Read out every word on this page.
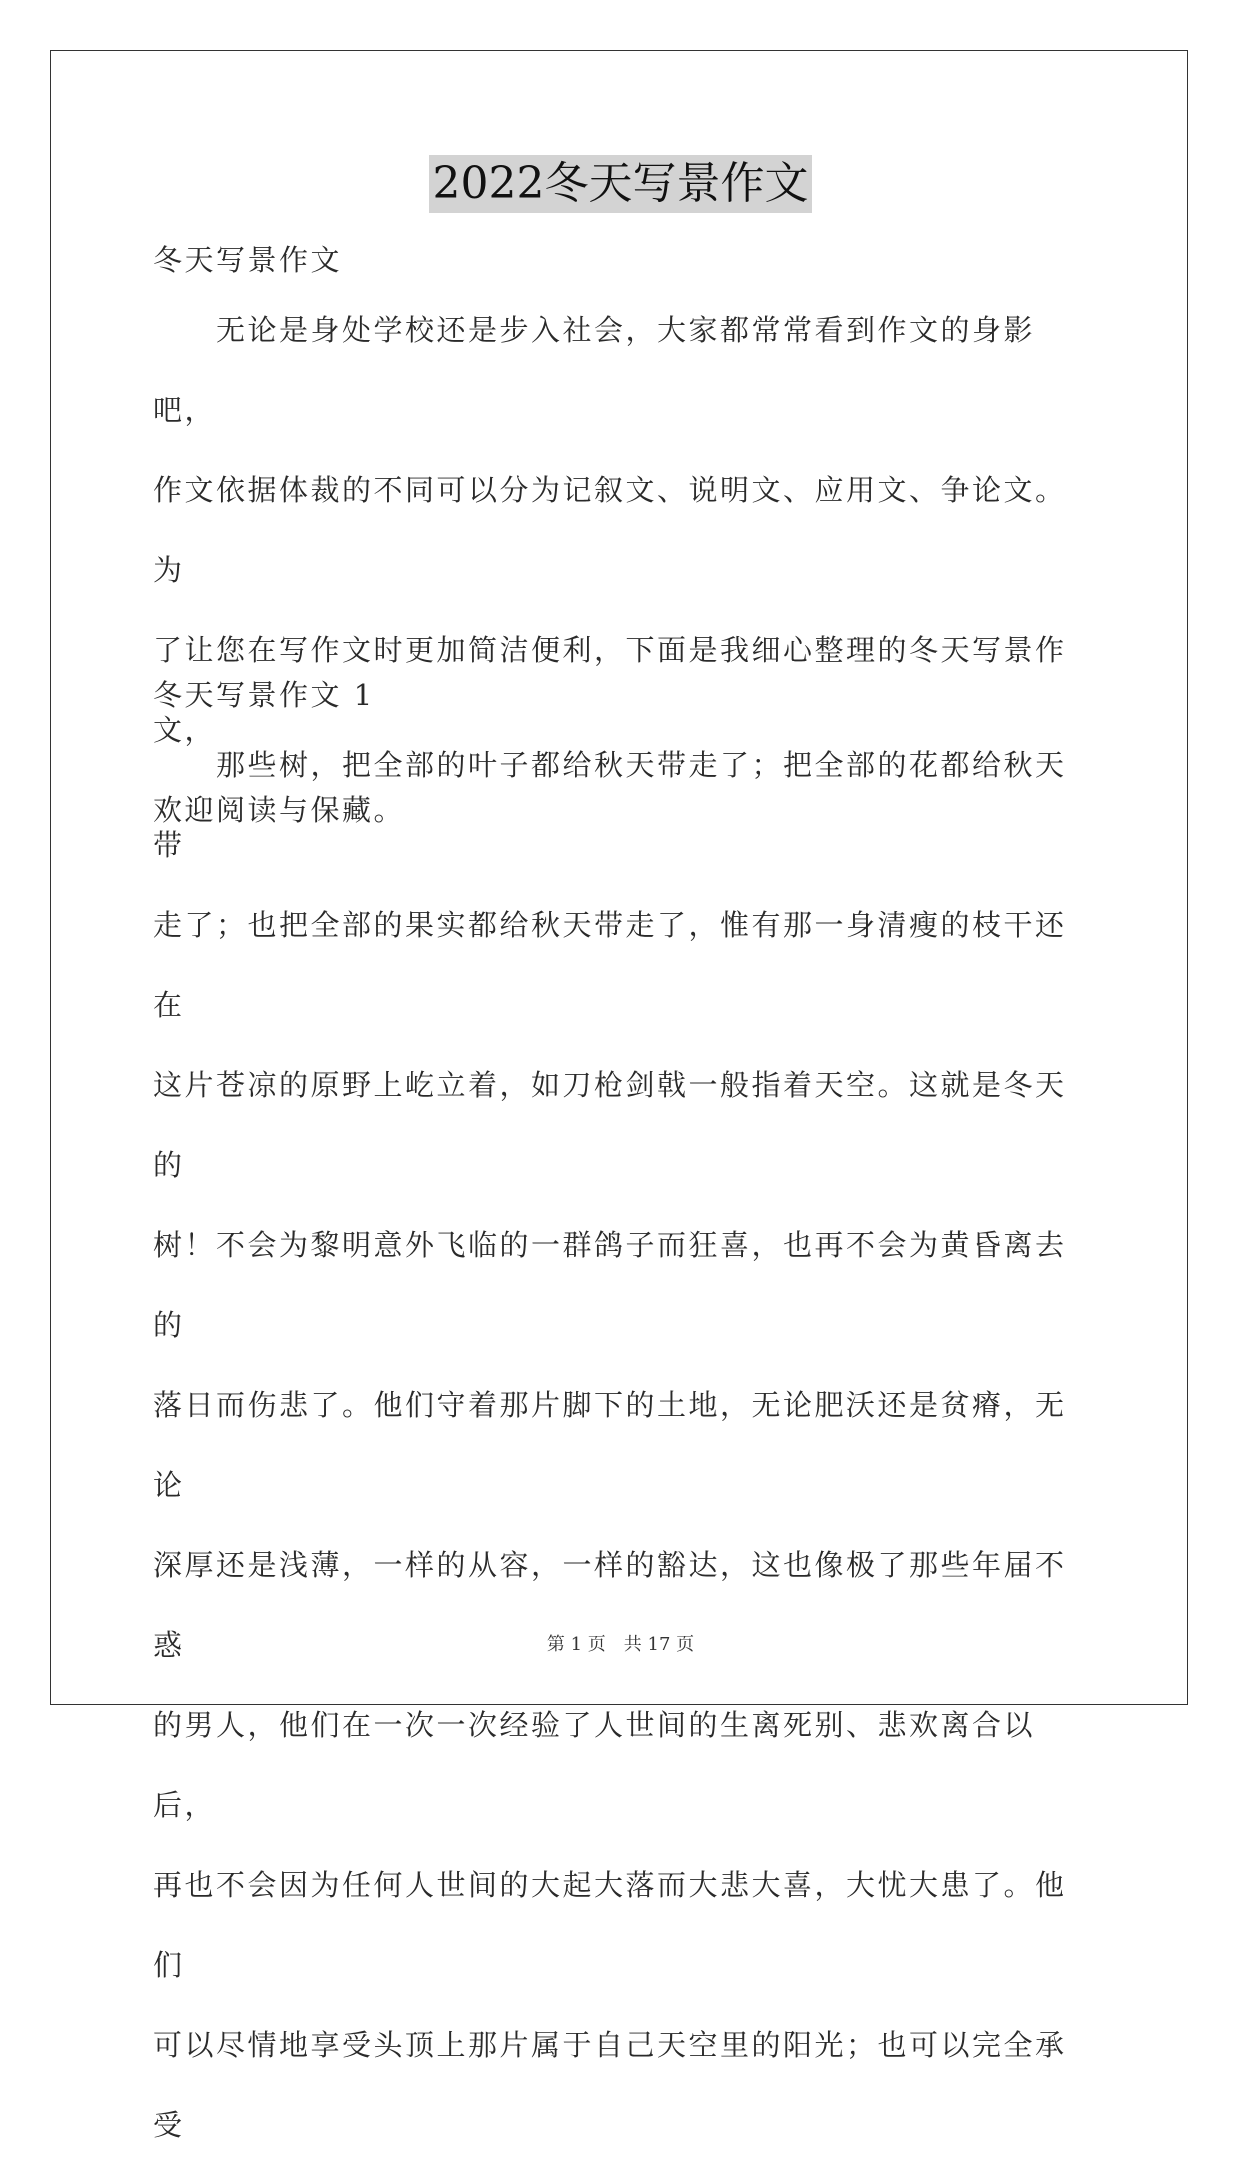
2022冬天写景作文
冬天写景作文
　　无论是身处学校还是步入社会，大家都常常看到作文的身影吧，
作文依据体裁的不同可以分为记叙文、说明文、应用文、争论文。为
了让您在写作文时更加简洁便利，下面是我细心整理的冬天写景作文，
欢迎阅读与保藏。
冬天写景作文 1
　　那些树，把全部的叶子都给秋天带走了；把全部的花都给秋天带
走了；也把全部的果实都给秋天带走了，惟有那一身清瘦的枝干还在
这片苍凉的原野上屹立着，如刀枪剑戟一般指着天空。这就是冬天的
树！不会为黎明意外飞临的一群鸽子而狂喜，也再不会为黄昏离去的
落日而伤悲了。他们守着那片脚下的土地，无论肥沃还是贫瘠，无论
深厚还是浅薄，一样的从容，一样的豁达，这也像极了那些年届不惑
的男人，他们在一次一次经验了人世间的生离死别、悲欢离合以后，
再也不会因为任何人世间的大起大落而大悲大喜，大忧大患了。他们
可以尽情地享受头顶上那片属于自己天空里的阳光；也可以完全承受
第 1 页　共 17 页
